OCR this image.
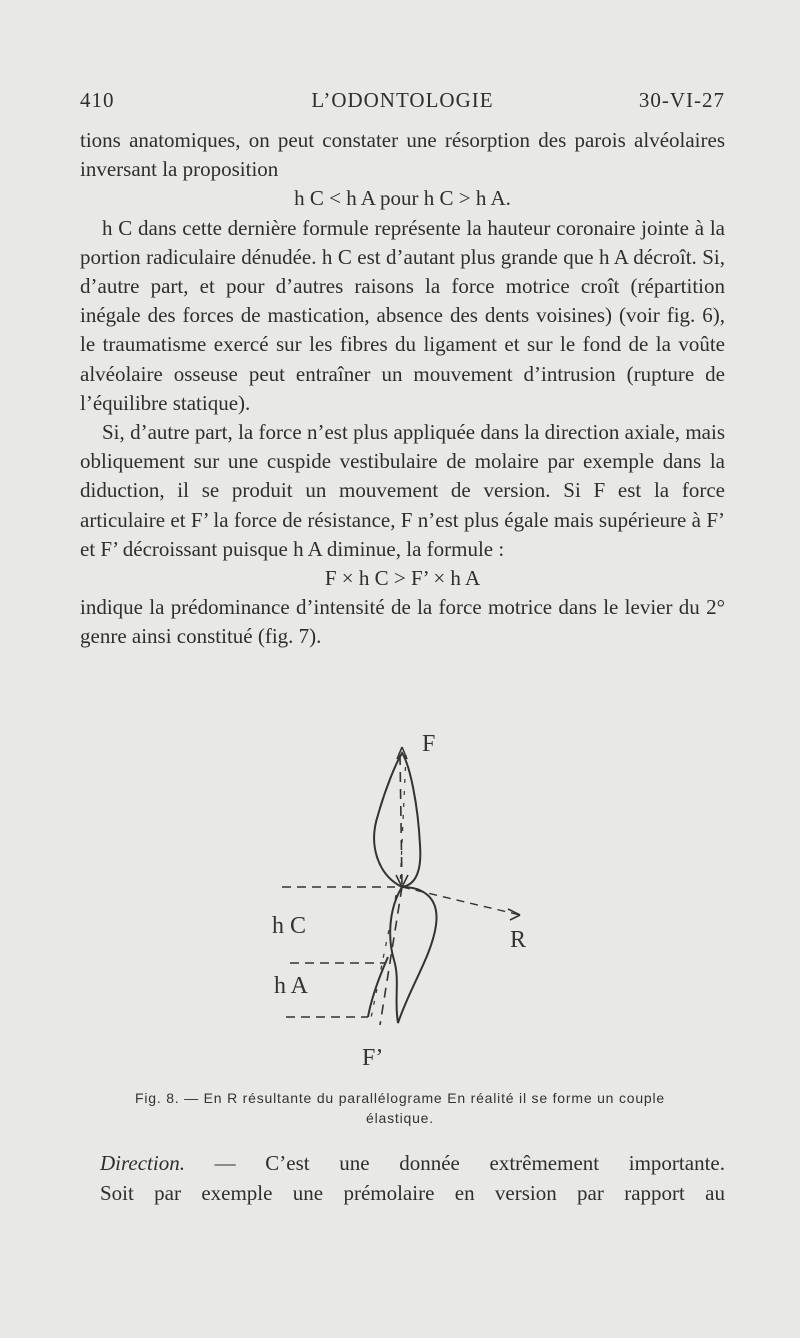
410	L’ODONTOLOGIE	30-VI-27

tions anatomiques, on peut constater une résorption des parois alvéolaires inversant la proposition

h C < h A pour h C > h A.

h C dans cette dernière formule représente la hauteur coronaire jointe à la portion radiculaire dénudée. h C est d’autant plus grande que h A décroît. Si, d’autre part, et pour d’autres raisons la force motrice croît (répartition inégale des forces de mastication, absence des dents voisines) (voir fig. 6), le traumatisme exercé sur les fibres du ligament et sur le fond de la voûte alvéolaire osseuse peut entraîner un mouvement d’intrusion (rupture de l’équilibre statique).

Si, d’autre part, la force n’est plus appliquée dans la direction axiale, mais obliquement sur une cuspide vestibulaire de molaire par exemple dans la diduction, il se produit un mouvement de version. Si F est la force articulaire et F’ la force de résistance, F n’est plus égale mais supérieure à F’ et F’ décroissant puisque h A diminue, la formule :

F × h C > F’ × h A

indique la prédominance d’intensité de la force motrice dans le levier du 2° genre ainsi constitué (fig. 7).

F
R
F’
h C
h A
Fig. 8. — En R résultante du parallélograme En réalité il se forme un couple élastique.

Direction. — C’est une donnée extrêmement importante.

Soit par exemple une prémolaire en version par rapport au
